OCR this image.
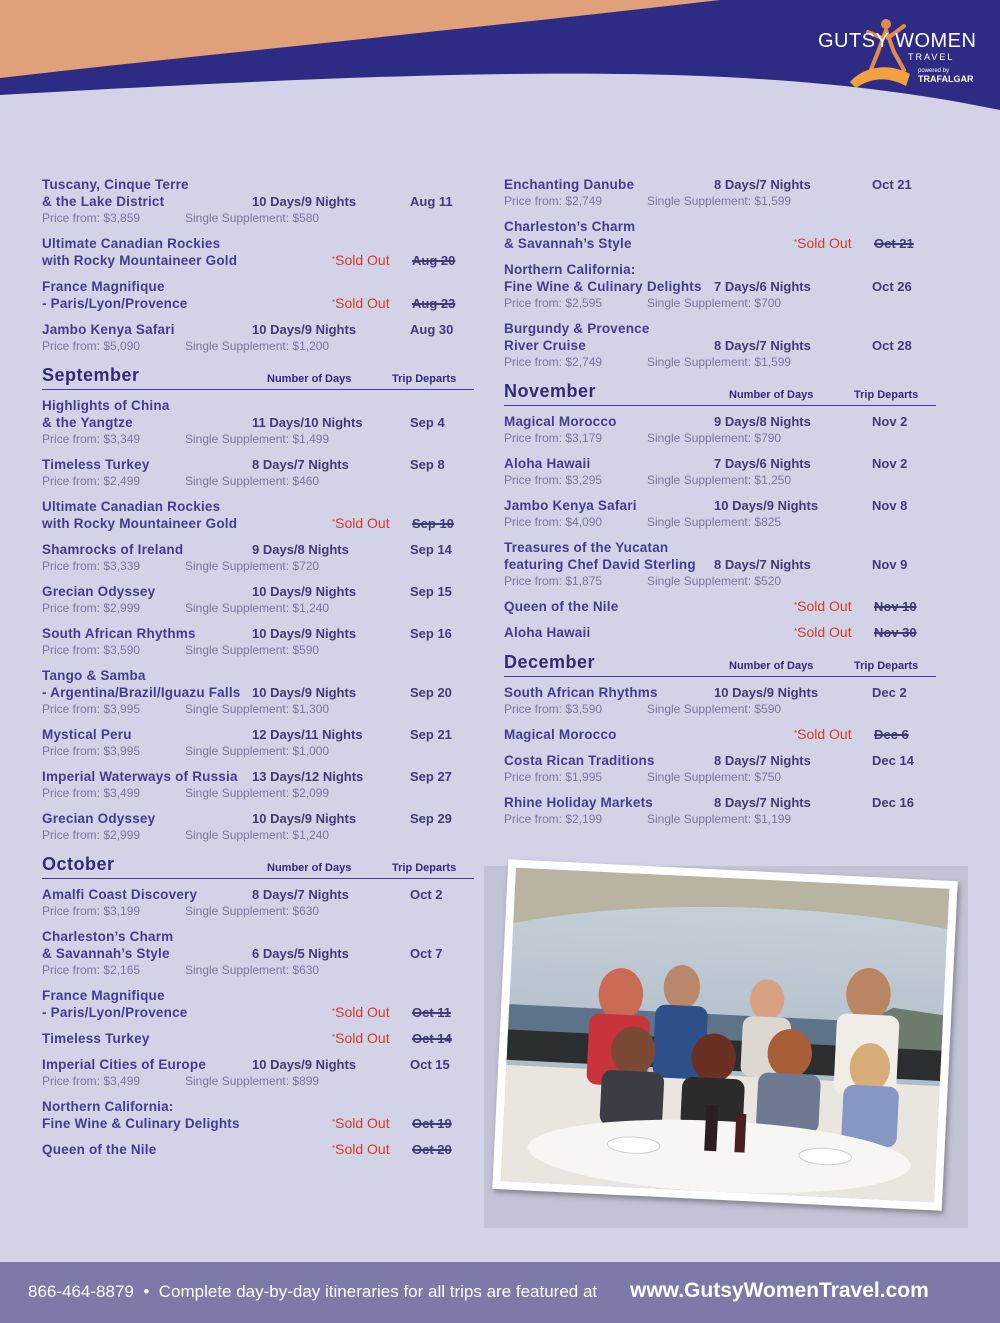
GUTSY WOMEN
TRAVEL
powered by
TRAFALGAR
Tuscany, Cinque Terre
& the Lake District	10 Days/9 Nights	Aug 11
Price from: $3,859	Single Supplement: $580
Ultimate Canadian Rockies
with Rocky Mountaineer Gold	*Sold Out Aug 20
France Magnifique
- Paris/Lyon/Provence	*Sold Out Aug 23
Jambo Kenya Safari	10 Days/9 Nights	Aug 30
Price from: $5,090	Single Supplement: $1,200
September	Number of Days	Trip Departs
Highlights of China
& the Yangtze	11 Days/10 Nights	Sep 4
Price from: $3,349	Single Supplement: $1,499
Timeless Turkey	8 Days/7 Nights	Sep 8
Price from: $2,499	Single Supplement: $460
Ultimate Canadian Rockies
with Rocky Mountaineer Gold	*Sold Out Sep 10
Shamrocks of Ireland	9 Days/8 Nights	Sep 14
Price from: $3,339	Single Supplement: $720
Grecian Odyssey	10 Days/9 Nights	Sep 15
Price from: $2,999	Single Supplement: $1,240
South African Rhythms	10 Days/9 Nights	Sep 16
Price from: $3,590	Single Supplement: $590
Tango & Samba
- Argentina/Brazil/Iguazu Falls 10 Days/9 Nights	Sep 20
Price from: $3,995	Single Supplement: $1,300
Mystical Peru	12 Days/11 Nights	Sep 21
Price from: $3,995	Single Supplement: $1,000
Imperial Waterways of Russia	13 Days/12 Nights	Sep 27
Price from: $3,499	Single Supplement: $2,099
Grecian Odyssey	10 Days/9 Nights	Sep 29
Price from: $2,999	Single Supplement: $1,240
October	Number of Days	Trip Departs
Amalfi Coast Discovery	8 Days/7 Nights	Oct 2
Price from: $3,199	Single Supplement: $630
Charleston’s Charm
& Savannah’s Style	6 Days/5 Nights	Oct 7
Price from: $2,165	Single Supplement: $630
France Magnifique
- Paris/Lyon/Provence	*Sold Out Oct 11
Timeless Turkey	*Sold Out Oct 14
Imperial Cities of Europe	10 Days/9 Nights	Oct 15
Price from: $3,499	Single Supplement: $899
Northern California:
Fine Wine & Culinary Delights	*Sold Out Oct 19
Queen of the Nile	*Sold Out Oct 20
Enchanting Danube	8 Days/7 Nights	Oct 21
Price from: $2,749	Single Supplement: $1,599
Charleston’s Charm
& Savannah’s Style	*Sold Out Oct 21
Northern California:
Fine Wine & Culinary Delights 7 Days/6 Nights	Oct 26
Price from: $2,595	Single Supplement: $700
Burgundy & Provence
River Cruise	8 Days/7 Nights	Oct 28
Price from: $2,749	Single Supplement: $1,599
November	Number of Days	Trip Departs
Magical Morocco	9 Days/8 Nights	Nov 2
Price from: $3,179	Single Supplement: $790
Aloha Hawaii	7 Days/6 Nights	Nov 2
Price from: $3,295	Single Supplement: $1,250
Jambo Kenya Safari	10 Days/9 Nights	Nov 8
Price from: $4,090	Single Supplement: $825
Treasures of the Yucatan
featuring Chef David Sterling	8 Days/7 Nights	Nov 9
Price from: $1,875	Single Supplement: $520
Queen of the Nile	*Sold Out Nov 10
Aloha Hawaii	*Sold Out Nov 30
December	Number of Days	Trip Departs
South African Rhythms	10 Days/9 Nights	Dec 2
Price from: $3,590	Single Supplement: $590
Magical Morocco	*Sold Out Dec 6
Costa Rican Traditions	8 Days/7 Nights	Dec 14
Price from: $1,995	Single Supplement: $750
Rhine Holiday Markets	8 Days/7 Nights	Dec 16
Price from: $2,199	Single Supplement: $1,199
866-464-8879 • Complete day-by-day itineraries for all trips are featured at www.GutsyWomenTravel.com
